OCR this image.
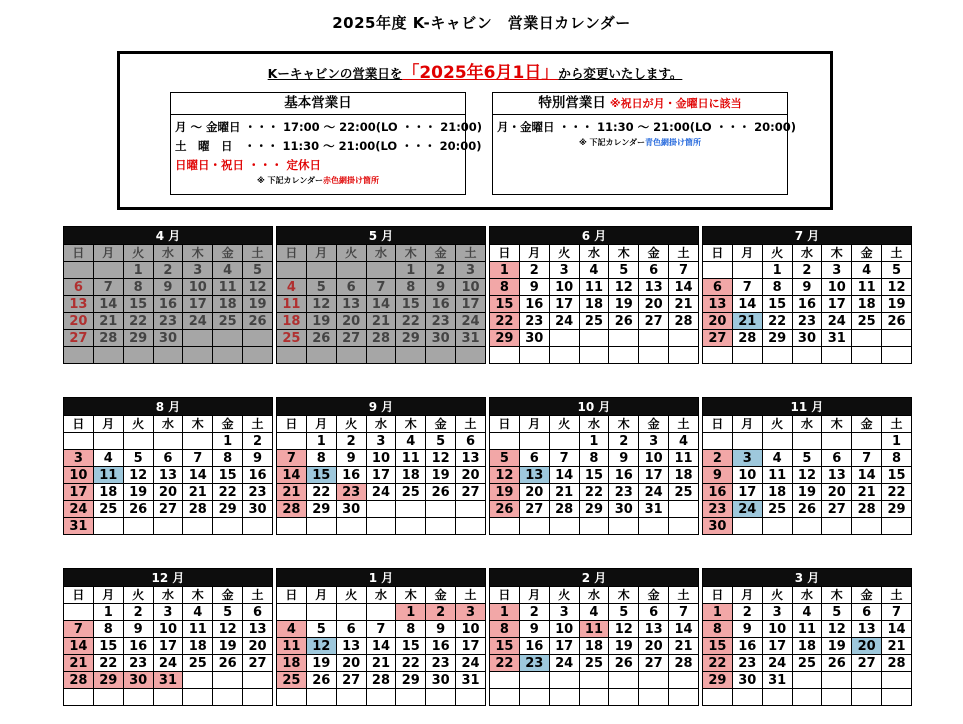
2025年度 K-キャビン　営業日カレンダー
Kーキャビンの営業日を「2025年6月1日」から変更いたします。
基本営業日
月 ～ 金曜日 ・・・ 17:00 ～ 22:00(LO ・・・ 21:00)
土　曜　日　・・・ 11:30 ～ 21:00(LO ・・・ 20:00)
日曜日・祝日 ・・・ 定休日
※ 下記カレンダー赤色網掛け箇所
特別営業日 ※祝日が月・金曜日に該当
月・金曜日 ・・・ 11:30 ～ 21:00(LO ・・・ 20:00)
※ 下記カレンダー青色網掛け箇所
4 月						
日	月	火	水	木	金	土
		1	2	3	4	5
6	7	8	9	10	11	12
13	14	15	16	17	18	19
20	21	22	23	24	25	26
27	28	29	30			

5 月						
日	月	火	水	木	金	土
				1	2	3
4	5	6	7	8	9	10
11	12	13	14	15	16	17
18	19	20	21	22	23	24
25	26	27	28	29	30	31

6 月						
日	月	火	水	木	金	土
1	2	3	4	5	6	7
8	9	10	11	12	13	14
15	16	17	18	19	20	21
22	23	24	25	26	27	28
29	30					

7 月						
日	月	火	水	木	金	土
		1	2	3	4	5
6	7	8	9	10	11	12
13	14	15	16	17	18	19
20	21	22	23	24	25	26
27	28	29	30	31		

8 月						
日	月	火	水	木	金	土
					1	2
3	4	5	6	7	8	9
10	11	12	13	14	15	16
17	18	19	20	21	22	23
24	25	26	27	28	29	30
31						
9 月						
日	月	火	水	木	金	土
	1	2	3	4	5	6
7	8	9	10	11	12	13
14	15	16	17	18	19	20
21	22	23	24	25	26	27
28	29	30				

10 月						
日	月	火	水	木	金	土
			1	2	3	4
5	6	7	8	9	10	11
12	13	14	15	16	17	18
19	20	21	22	23	24	25
26	27	28	29	30	31	

11 月						
日	月	火	水	木	金	土
						1
2	3	4	5	6	7	8
9	10	11	12	13	14	15
16	17	18	19	20	21	22
23	24	25	26	27	28	29
30						
12 月						
日	月	火	水	木	金	土
	1	2	3	4	5	6
7	8	9	10	11	12	13
14	15	16	17	18	19	20
21	22	23	24	25	26	27
28	29	30	31			

1 月						
日	月	火	水	木	金	土
				1	2	3
4	5	6	7	8	9	10
11	12	13	14	15	16	17
18	19	20	21	22	23	24
25	26	27	28	29	30	31

2 月						
日	月	火	水	木	金	土
1	2	3	4	5	6	7
8	9	10	11	12	13	14
15	16	17	18	19	20	21
22	23	24	25	26	27	28

3 月						
日	月	火	水	木	金	土
1	2	3	4	5	6	7
8	9	10	11	12	13	14
15	16	17	18	19	20	21
22	23	24	25	26	27	28
29	30	31				
